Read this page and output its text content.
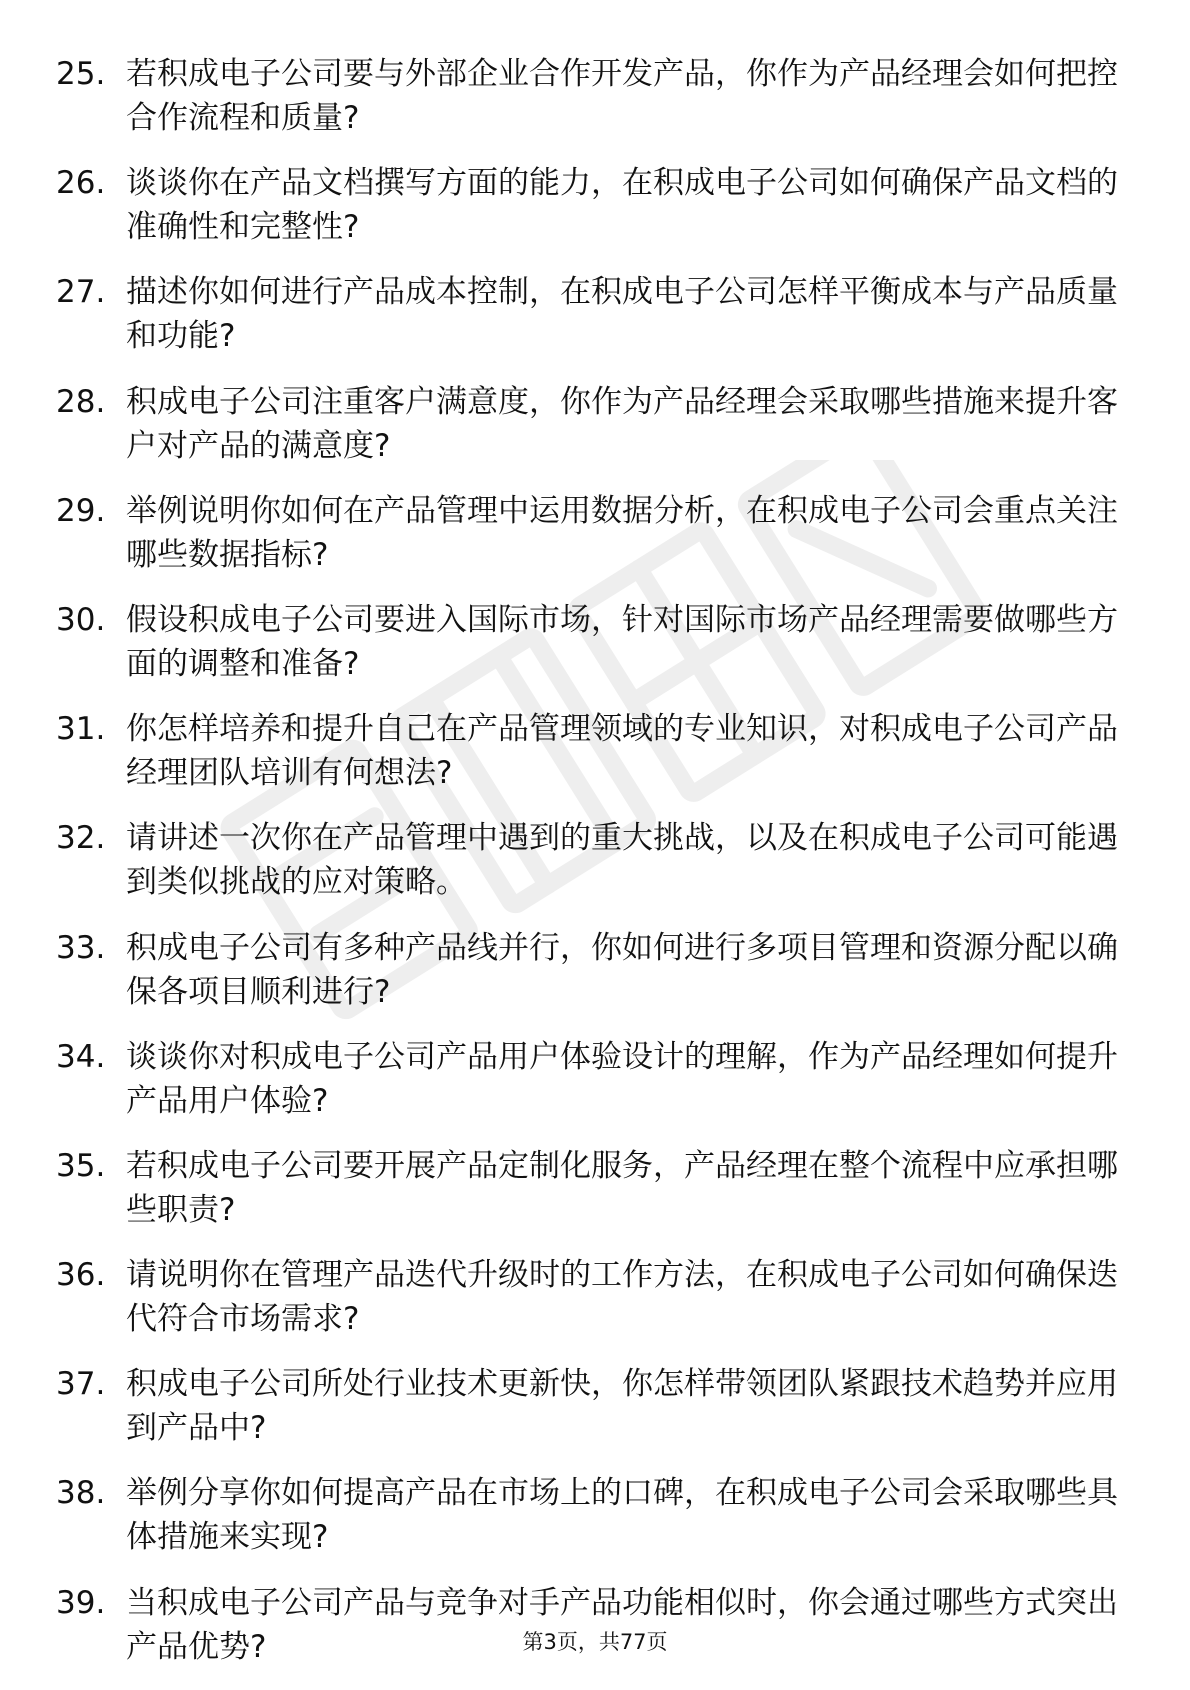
25. 若积成电子公司要与外部企业合作开发产品，你作为产品经理会如何把控合作流程和质量?
26. 谈谈你在产品文档撰写方面的能力，在积成电子公司如何确保产品文档的准确性和完整性?
27. 描述你如何进行产品成本控制，在积成电子公司怎样平衡成本与产品质量和功能?
28. 积成电子公司注重客户满意度，你作为产品经理会采取哪些措施来提升客户对产品的满意度?
29. 举例说明你如何在产品管理中运用数据分析，在积成电子公司会重点关注哪些数据指标?
30. 假设积成电子公司要进入国际市场，针对国际市场产品经理需要做哪些方面的调整和准备?
31. 你怎样培养和提升自己在产品管理领域的专业知识，对积成电子公司产品经理团队培训有何想法?
32. 请讲述一次你在产品管理中遇到的重大挑战，以及在积成电子公司可能遇到类似挑战的应对策略。
33. 积成电子公司有多种产品线并行，你如何进行多项目管理和资源分配以确保各项目顺利进行?
34. 谈谈你对积成电子公司产品用户体验设计的理解，作为产品经理如何提升产品用户体验?
35. 若积成电子公司要开展产品定制化服务，产品经理在整个流程中应承担哪些职责?
36. 请说明你在管理产品迭代升级时的工作方法，在积成电子公司如何确保迭代符合市场需求?
37. 积成电子公司所处行业技术更新快，你怎样带领团队紧跟技术趋势并应用到产品中?
38. 举例分享你如何提高产品在市场上的口碑，在积成电子公司会采取哪些具体措施来实现?
39. 当积成电子公司产品与竞争对手产品功能相似时，你会通过哪些方式突出产品优势?	第3页，共77页
